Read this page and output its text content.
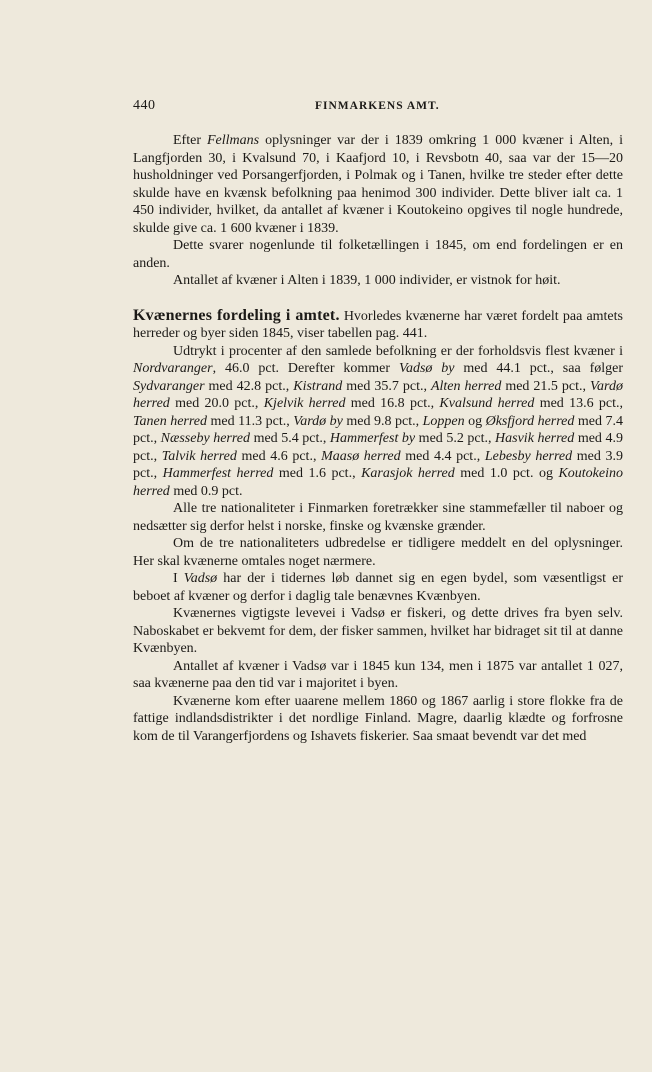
440	FINMARKENS AMT.

Efter Fellmans oplysninger var der i 1839 omkring 1 000 kvæner i Alten, i Langfjorden 30, i Kvalsund 70, i Kaafjord 10, i Revsbotn 40, saa var der 15—20 husholdninger ved Porsangerfjorden, i Polmak og i Tanen, hvilke tre steder efter dette skulde have en kvænsk befolkning paa henimod 300 individer. Dette bliver ialt ca. 1 450 individer, hvilket, da antallet af kvæner i Koutokeino opgives til nogle hundrede, skulde give ca. 1 600 kvæner i 1839.

Dette svarer nogenlunde til folketællingen i 1845, om end fordelingen er en anden.

Antallet af kvæner i Alten i 1839, 1 000 individer, er vistnok for høit.

Kvænernes fordeling i amtet. Hvorledes kvænerne har været fordelt paa amtets herreder og byer siden 1845, viser tabellen pag. 441.

Udtrykt i procenter af den samlede befolkning er der forholdsvis flest kvæner i Nordvaranger, 46.0 pct. Derefter kommer Vadsø by med 44.1 pct., saa følger Sydvaranger med 42.8 pct., Kistrand med 35.7 pct., Alten herred med 21.5 pct., Vardø herred med 20.0 pct., Kjelvik herred med 16.8 pct., Kvalsund herred med 13.6 pct., Tanen herred med 11.3 pct., Vardø by med 9.8 pct., Loppen og Øksfjord herred med 7.4 pct., Næsseby herred med 5.4 pct., Hammerfest by med 5.2 pct., Hasvik herred med 4.9 pct., Talvik herred med 4.6 pct., Maasø herred med 4.4 pct., Lebesby herred med 3.9 pct., Hammerfest herred med 1.6 pct., Karasjok herred med 1.0 pct. og Koutokeino herred med 0.9 pct.

Alle tre nationaliteter i Finmarken foretrækker sine stammefæller til naboer og nedsætter sig derfor helst i norske, finske og kvænske grænder.

Om de tre nationaliteters udbredelse er tidligere meddelt en del oplysninger. Her skal kvænerne omtales noget nærmere.

I Vadsø har der i tidernes løb dannet sig en egen bydel, som væsentligst er beboet af kvæner og derfor i daglig tale benævnes Kvænbyen.

Kvænernes vigtigste levevei i Vadsø er fiskeri, og dette drives fra byen selv. Naboskabet er bekvemt for dem, der fisker sammen, hvilket har bidraget sit til at danne Kvænbyen.

Antallet af kvæner i Vadsø var i 1845 kun 134, men i 1875 var antallet 1 027, saa kvænerne paa den tid var i majoritet i byen.

Kvænerne kom efter uaarene mellem 1860 og 1867 aarlig i store flokke fra de fattige indlandsdistrikter i det nordlige Finland. Magre, daarlig klædte og forfrosne kom de til Varangerfjordens og Ishavets fiskerier. Saa smaat bevendt var det med
